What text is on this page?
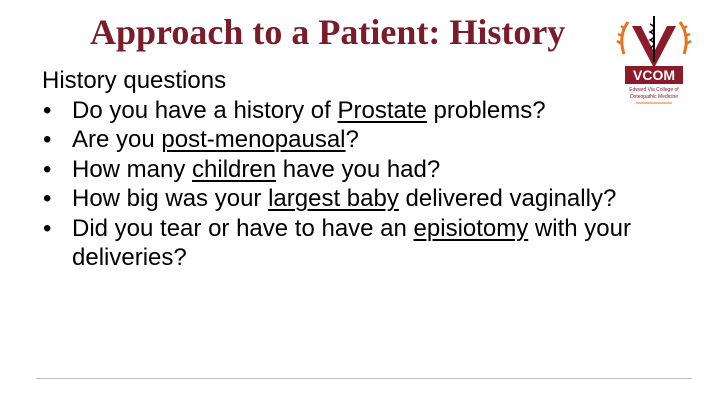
Approach to a Patient: History
VCOM
Edward Via College of
Osteopathic Medicine

History questions

• Do you have a history of Prostate problems?
• Are you post-menopausal?
• How many children have you had?
• How big was your largest baby delivered vaginally?
• Did you tear or have to have an episiotomy with your deliveries?
